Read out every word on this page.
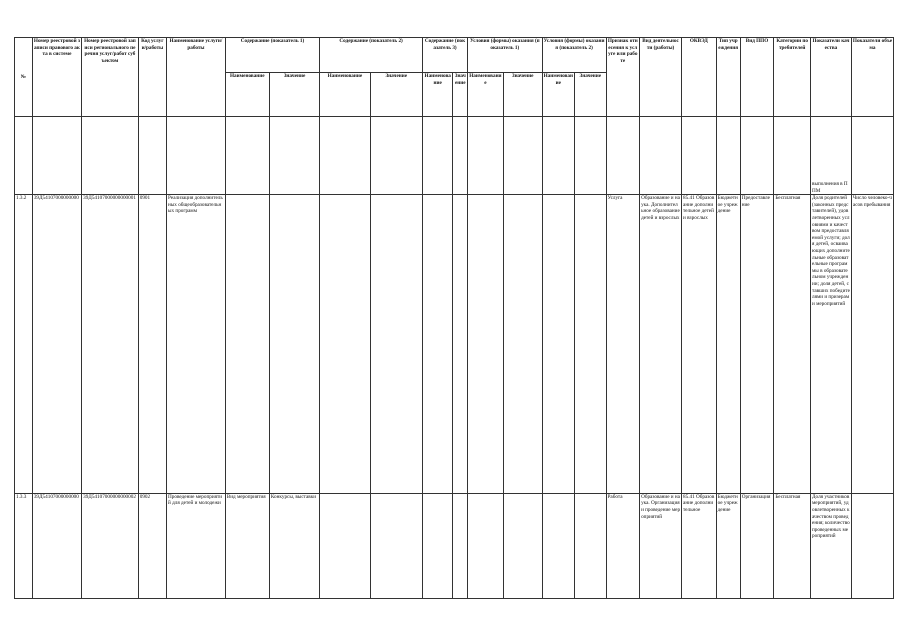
№	Номер реестровой записи правового акта в системе	Номер реестровой записи регионального перечня услуг/работ субъектом	Код услуги/работы	Наименование услуги/работы	Содержание (показатель 1)		Содержание (показатель 2)		Содержание (показатель 3)		Условия (формы) оказания (показатель 1)		Условия (формы) оказания (показатель 2)		Признак отнесения к услуге или работе	Вид деятельности (работы)	ОКВЭД	Тип учреждения	Вид ППО	Категории потребителей	Показатели качества	Показатели объема
					Наименование	Значение	Наименование	Значение	Наименование	Значение	Наименование	Значение	Наименование	Значение								
																					выполнения в ППМ	
1.3.2	39Д54107000000000	39Д54107000000000001	0901	Реализация дополнительных общеобразовательных программ											Услуга	Образование и наука. Дополнительное образование детей и взрослых	85.41 Образование дополнительное детей и взрослых	Бюджетное учреждение	Предоставление	Бесплатная	Доля родителей (законных представителей), удовлетворенных условиями и качеством предоставляемой услуги; доля детей, осваивающих дополнительные образовательные программы в образовательном учреждении; доля детей, ставших победителями и призерами мероприятий	Число человеко-часов пребывания
1.3.3	39Д54107000000000	39Д54107000000000002	0902	Проведение мероприятий для детей и молодежи	Вид мероприятия	Конкурсы, выставки									Работа	Образование и наука. Организация и проведение мероприятий	85.41 Образование дополнительное	Бюджетное учреждение	Организация	Бесплатная	Доля участников мероприятий, удовлетворенных качеством проведения; количество проведенных мероприятий	
